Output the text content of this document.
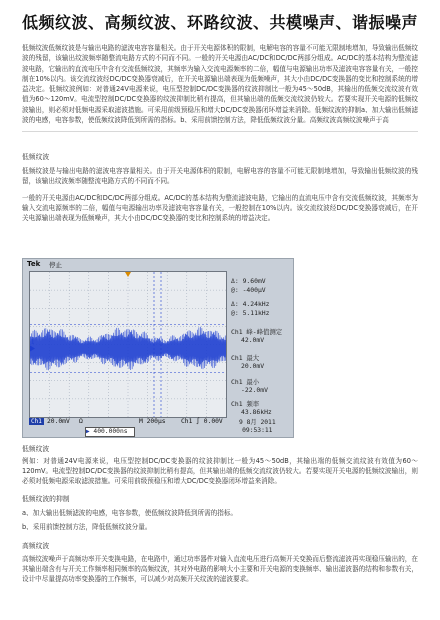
低频纹波、高频纹波、环路纹波、共模噪声、谐振噪声
低频纹波低频纹波是与输出电路的滤波电容容量相关。由于开关电源体积的限制，电解电容的容量不可能无限制地增加，导致输出低频纹波的残留，该输出纹波频率随整流电路方式的不同而不同。一般的开关电源由AC/DC和DC/DC两部分组成。AC/DC的基本结构为整流滤波电路，它输出的直流电压中含有交流低频纹波，其频率为输入交流电源频率的二倍，幅值与电源输出功率及滤波电容容量有关，一般控制在10%以内。该交流纹波经DC/DC变换器衰减后，在开关电源输出端表现为低频噪声，其大小由DC/DC变换器的变比和控制系统的增益决定。低频纹波例如：对普通24V电源来说，电压型控制DC/DC变换器的纹波抑制比一般为45～50dB，其输出的低频交流纹波有效值为60～120mV。电流型控制DC/DC变换器的纹波抑制比稍有提高，但其输出端的低频交流纹波仍较大。若要实现开关电源的低频纹波输出，则必须对低频电源采取滤波措施。可采用前级预稳压和增大DC/DC变换器闭环增益来消除。低频纹波的抑制a、加大输出低频滤波的电感，电容参数，使低频纹波降低到所需的指标。b、采用前馈控制方法，降低低频纹波分量。高频纹波高频纹波噪声于高
低频纹波
低频纹波是与输出电路的滤波电容容量相关。由于开关电源体积的限制，电解电容的容量不可能无限制地增加，导致输出低频纹波的残留，该输出纹波频率随整流电路方式的不同而不同。
一般的开关电源由AC/DC和DC/DC两部分组成。AC/DC的基本结构为整流滤波电路，它输出的直流电压中含有交流低频纹波，其频率为输入交流电源频率的二倍，幅值与电源输出功率及滤波电容容量有关，一般控制在10%以内。该交流纹波经DC/DC变换器衰减后，在开关电源输出端表现为低频噪声，其大小由DC/DC变换器的变比和控制系统的增益决定。
Tek 停止
1
Δ: 9.60mV
@: -400μV
Δ: 4.24kHz
@: 5.11kHz
Ch1 峰-峰值测定
42.0mV
Ch1 最大
20.0mV
Ch1 最小
-22.0mV
Ch1 频率
43.86kHz
Ch1 20.0mV Ω	M 200μs Ch1 ∫ 0.00V
▶ 400.000ns
9 8月 2011
09:53:11
低频纹波
例如：对普通24V电源来说，电压型控制DC/DC变换器的纹波抑制比一般为45～50dB，其输出端的低频交流纹波有效值为60～120mV。电流型控制DC/DC变换器的纹波抑制比稍有提高，但其输出端的低频交流纹波仍较大。若要实现开关电源的低频纹波输出，则必须对低频电源采取滤波措施。可采用前级预稳压和增大DC/DC变换器闭环增益来消除。
低频纹波的抑制
a、加大输出低频滤波的电感，电容参数，使低频纹波降低到所需的指标。
b、采用前馈控制方法，降低低频纹波分量。
高频纹波
高频纹波噪声于高频功率开关变换电路，在电路中，通过功率器件对输入直流电压进行高频开关变换而后整流滤波再实现稳压输出的，在其输出端含有与开关工作频率相同频率的高频纹波，其对外电路的影响大小主要和开关电源的变换频率、输出滤波器的结构和参数有关，设计中尽量提高功率变换器的工作频率，可以减少对高频开关纹波的滤波要求。
